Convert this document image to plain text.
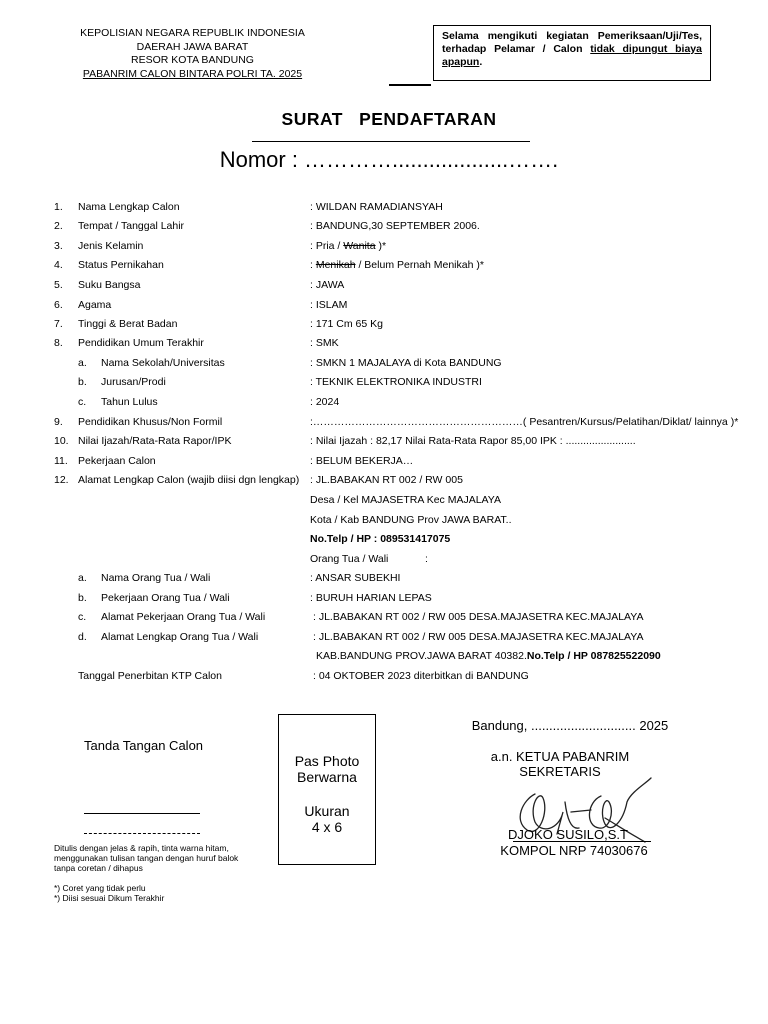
KEPOLISIAN NEGARA REPUBLIK INDONESIA
DAERAH JAWA BARAT
RESOR KOTA BANDUNG
PABANRIM CALON BINTARA POLRI TA. 2025
Selama mengikuti kegiatan Pemeriksaan/Uji/Tes, terhadap Pelamar / Calon tidak dipungut biaya apapun.
SURAT   PENDAFTARAN
Nomor : …………...................…….
1. Nama Lengkap Calon	: WILDAN RAMADIANSYAH
2. Tempat / Tanggal Lahir	: BANDUNG,30 SEPTEMBER 2006.
3. Jenis Kelamin	: Pria / Wanita )*
4. Status Pernikahan	: Menikah / Belum Pernah Menikah )*
5. Suku Bangsa	: JAWA
6. Agama	: ISLAM
7. Tinggi & Berat Badan	: 171 Cm 65 Kg
8. Pendidikan Umum Terakhir	: SMK
a. Nama Sekolah/Universitas	: SMKN 1 MAJALAYA di Kota BANDUNG
b. Jurusan/Prodi	: TEKNIK ELEKTRONIKA INDUSTRI
c. Tahun Lulus	: 2024
9. Pendidikan Khusus/Non Formil	:……………………………………………………( Pesantren/Kursus/Pelatihan/Diklat/ lainnya )*
10. Nilai Ijazah/Rata-Rata Rapor/IPK	: Nilai Ijazah : 82,17 Nilai Rata-Rata Rapor 85,00 IPK : ........................
11. Pekerjaan Calon	: BELUM BEKERJA…
12. Alamat Lengkap Calon (wajib diisi dgn lengkap) : JL.BABAKAN RT 002 / RW 005
Desa / Kel MAJASETRA Kec MAJALAYA
Kota / Kab BANDUNG Prov JAWA BARAT..
No.Telp / HP : 089531417075
Orang Tua / Wali	:
a. Nama Orang Tua / Wali	: ANSAR SUBEKHI
b. Pekerjaan Orang Tua / Wali	: BURUH HARIAN LEPAS
c. Alamat Pekerjaan Orang Tua / Wali	: JL.BABAKAN RT 002 / RW 005 DESA.MAJASETRA KEC.MAJALAYA
d. Alamat Lengkap Orang Tua / Wali	: JL.BABAKAN RT 002 / RW 005 DESA.MAJASETRA KEC.MAJALAYA
KAB.BANDUNG PROV.JAWA BARAT 40382.No.Telp / HP 087825522090
Tanggal Penerbitan KTP Calon	: 04 OKTOBER 2023 diterbitkan di BANDUNG
Tanda Tangan Calon
Ditulis dengan jelas & rapih, tinta warna hitam,
menggunakan tulisan tangan dengan huruf balok
tanpa coretan / dihapus
*) Coret yang tidak perlu
*) Diisi sesuai Dikum Terakhir
Pas Photo
Berwarna
Ukuran
4 x 6
Bandung, ............................. 2025
a.n. KETUA PABANRIM
SEKRETARIS
DJOKO SUSILO,S.T
KOMPOL NRP 74030676
